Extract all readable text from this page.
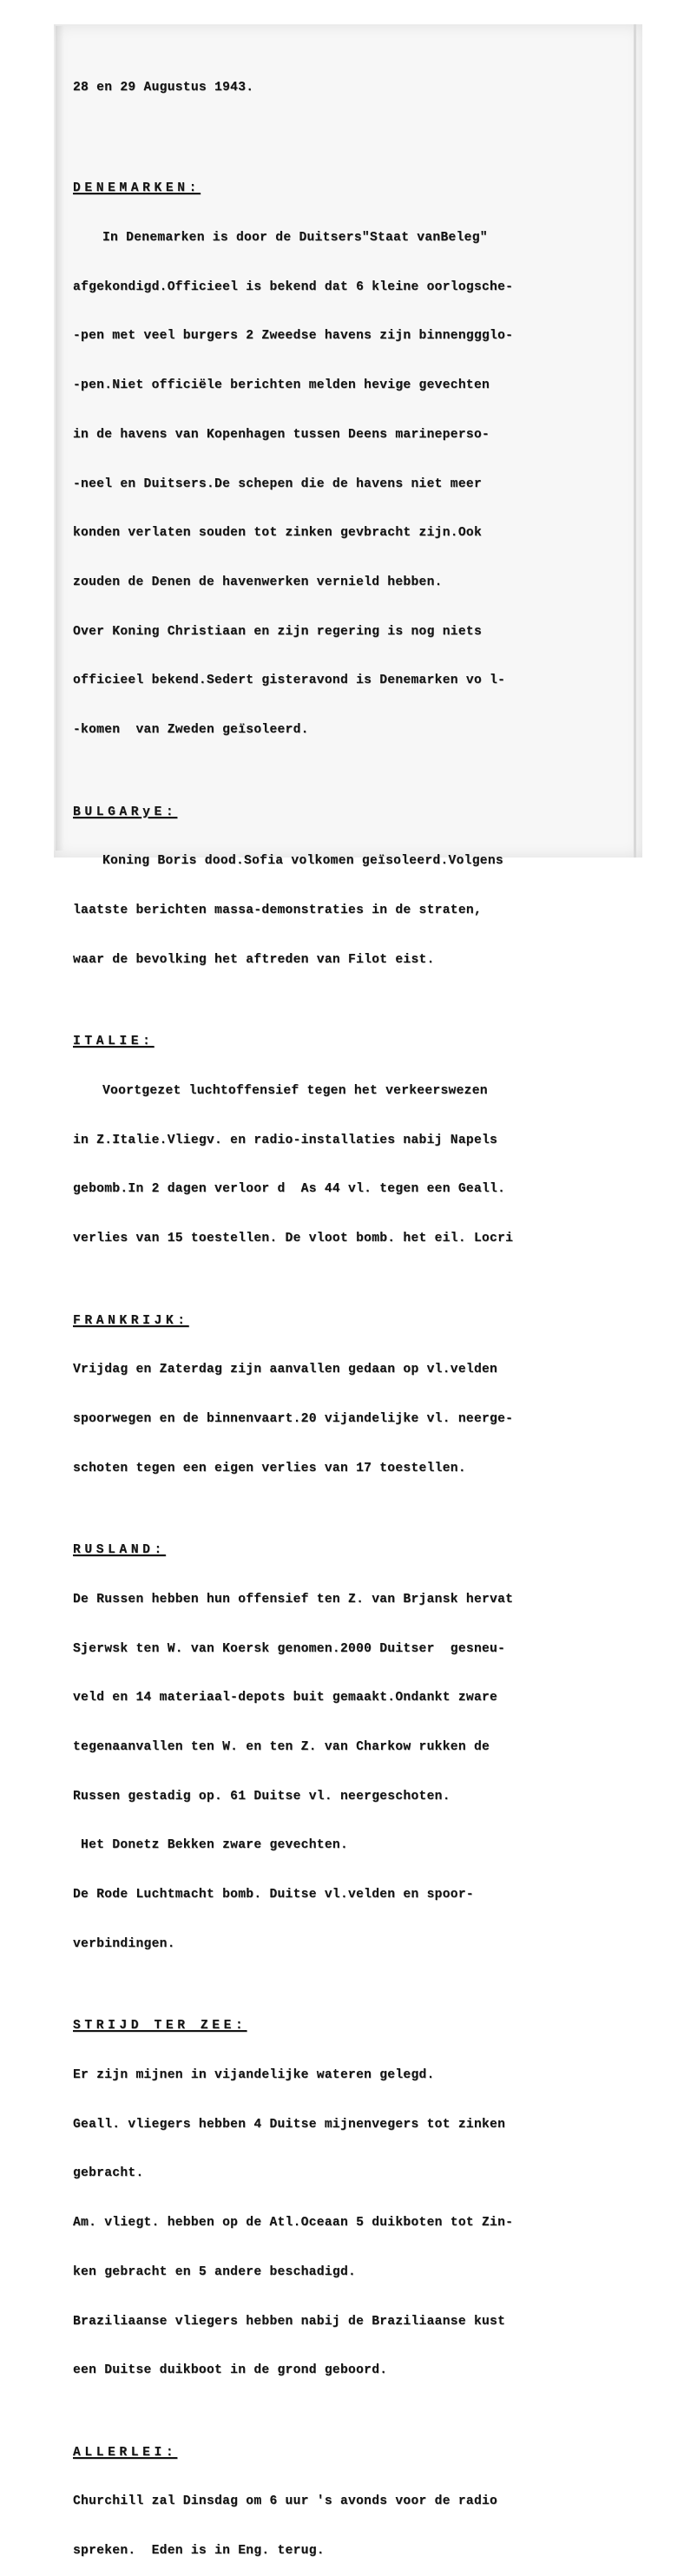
28 en 29 Augustus 1943.

DENEMARKEN:

In Denemarken is door de Duitsers"Staat vanBeleg"

afgekondigd.Officieel is bekend dat 6 kleine oorlogsche-

-pen met veel burgers 2 Zweedse havens zijn binnenggglo-

-pen.Niet officiële berichten melden hevige gevechten

in de havens van Kopenhagen tussen Deens marineperso-

-neel en Duitsers.De schepen die de havens niet meer

konden verlaten souden tot zinken gevbracht zijn.Ook

zouden de Denen de havenwerken vernield hebben.

Over Koning Christiaan en zijn regering is nog niets

officieel bekend.Sedert gisteravond is Denemarken vo l-

-komen  van Zweden geïsoleerd.

BULGARyE:

Koning Boris dood.Sofia volkomen geïsoleerd.Volgens

laatste berichten massa-demonstraties in de straten,

waar de bevolking het aftreden van Filot eist.

ITALIE:

Voortgezet luchtoffensief tegen het verkeerswezen

in Z.Italie.Vliegv. en radio-installaties nabij Napels

gebomb.In 2 dagen verloor d  As 44 vl. tegen een Geall.

verlies van 15 toestellen. De vloot bomb. het eil. Locri

FRANKRIJK:

Vrijdag en Zaterdag zijn aanvallen gedaan op vl.velden

spoorwegen en de binnenvaart.20 vijandelijke vl. neerge-

schoten tegen een eigen verlies van 17 toestellen.

RUSLAND:

De Russen hebben hun offensief ten Z. van Brjansk hervat

Sjerwsk ten W. van Koersk genomen.2000 Duitser  gesneu-

veld en 14 materiaal-depots buit gemaakt.Ondankt zware

tegenaanvallen ten W. en ten Z. van Charkow rukken de

Russen gestadig op. 61 Duitse vl. neergeschoten.

Het Donetz Bekken zware gevechten.

De Rode Luchtmacht bomb. Duitse vl.velden en spoor-

verbindingen.

STRIJD TER ZEE:

Er zijn mijnen in vijandelijke wateren gelegd.

Geall. vliegers hebben 4 Duitse mijnenvegers tot zinken

gebracht.

Am. vliegt. hebben op de Atl.Oceaan 5 duikboten tot Zin-

ken gebracht en 5 andere beschadigd.

Braziliaanse vliegers hebben nabij de Braziliaanse kust

een Duitse duikboot in de grond geboord.

ALLERLEI:

Churchill zal Dinsdag om 6 uur 's avonds voor de radio

spreken.  Eden is in Eng. terug.
